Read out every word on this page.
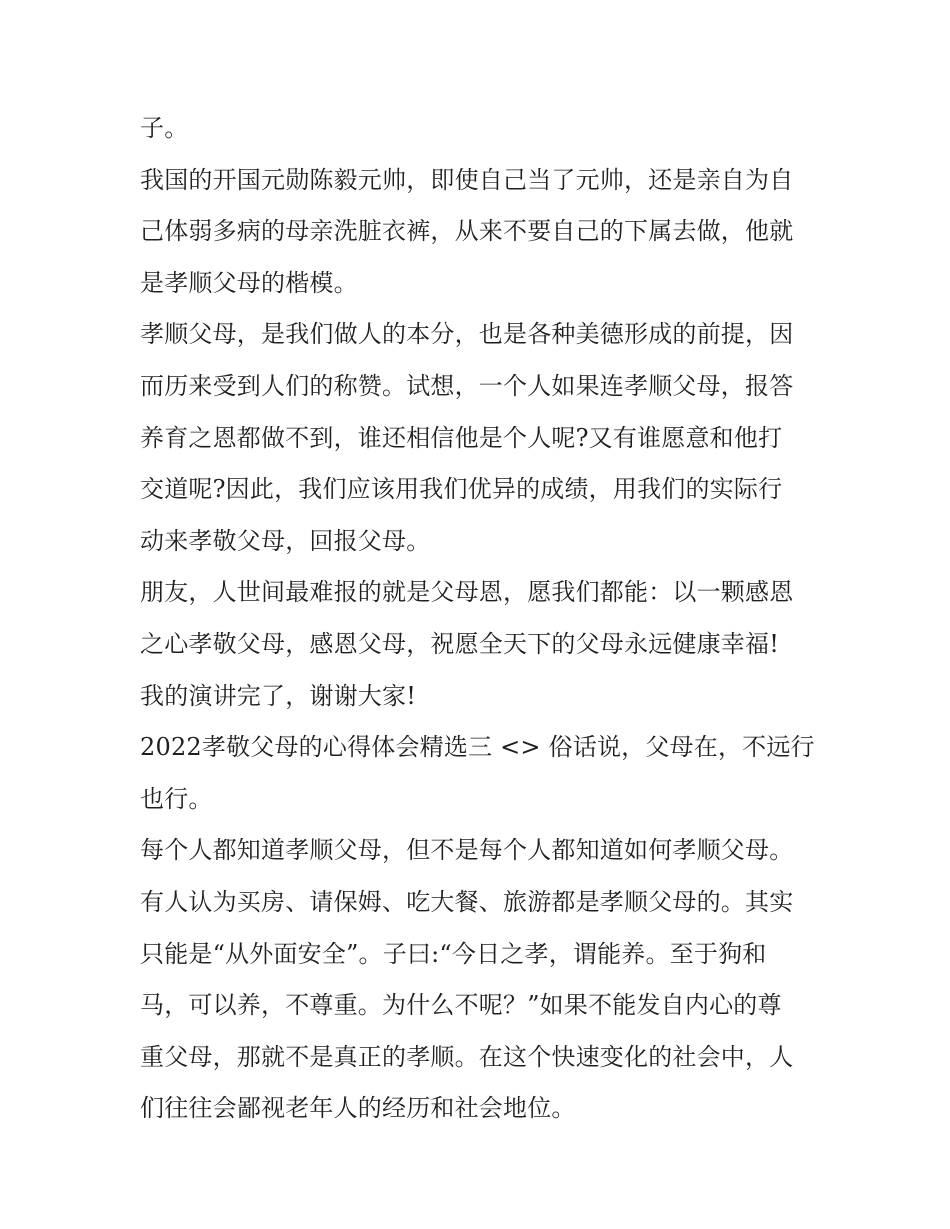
子。
我国的开国元勋陈毅元帅，即使自己当了元帅，还是亲自为自
己体弱多病的母亲洗脏衣裤，从来不要自己的下属去做，他就
是孝顺父母的楷模。
孝顺父母，是我们做人的本分，也是各种美德形成的前提，因
而历来受到人们的称赞。试想，一个人如果连孝顺父母，报答
养育之恩都做不到，谁还相信他是个人呢?又有谁愿意和他打
交道呢?因此，我们应该用我们优异的成绩，用我们的实际行
动来孝敬父母，回报父母。
朋友，人世间最难报的就是父母恩，愿我们都能：以一颗感恩
之心孝敬父母，感恩父母，祝愿全天下的父母永远健康幸福!
我的演讲完了，谢谢大家!
2022孝敬父母的心得体会精选三 <> 俗话说，父母在，不远行
也行。
每个人都知道孝顺父母，但不是每个人都知道如何孝顺父母。
有人认为买房、请保姆、吃大餐、旅游都是孝顺父母的。其实
只能是“从外面安全”。子曰:“今日之孝，谓能养。至于狗和
马，可以养，不尊重。为什么不呢？”如果不能发自内心的尊
重父母，那就不是真正的孝顺。在这个快速变化的社会中，人
们往往会鄙视老年人的经历和社会地位。
